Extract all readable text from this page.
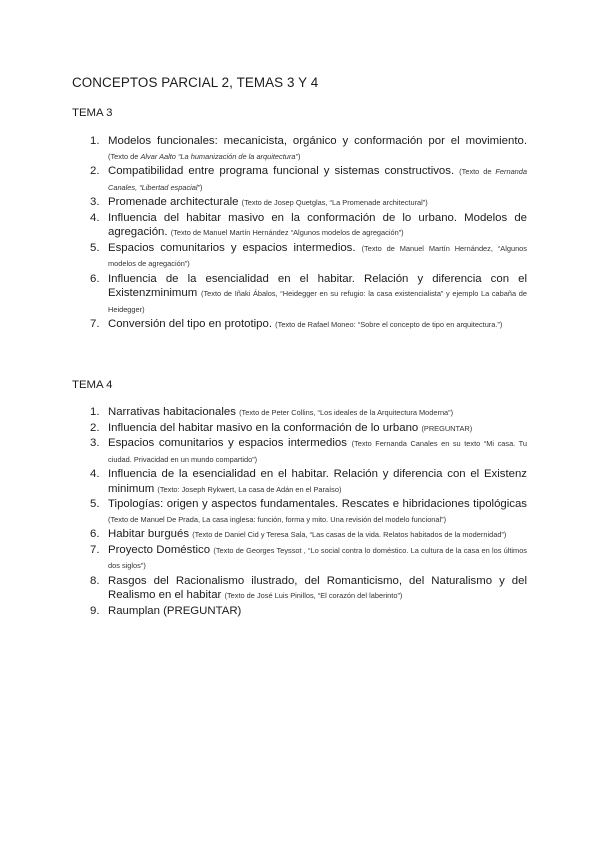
CONCEPTOS PARCIAL 2, TEMAS 3 Y 4
TEMA 3
1. Modelos funcionales: mecanicista, orgánico y conformación por el movimiento. (Texto de Alvar Aalto “La humanización de la arquitectura”)
2. Compatibilidad entre programa funcional y sistemas constructivos. (Texto de Fernanda Canales, “Libertad espacial”)
3. Promenade architecturale (Texto de Josep Quetglas, “La Promenade architectural”)
4. Influencia del habitar masivo en la conformación de lo urbano. Modelos de agregación. (Texto de Manuel Martín Hernández “Algunos modelos de agregación”)
5. Espacios comunitarios y espacios intermedios. (Texto de Manuel Martín Hernández, “Algunos modelos de agregación”)
6. Influencia de la esencialidad en el habitar. Relación y diferencia con el Existenzminimum (Texto de Iñaki Ábalos, “Heidegger en su refugio: la casa existencialista” y ejemplo La cabaña de Heidegger)
7. Conversión del tipo en prototipo. (Texto de Rafael Moneo: “Sobre el concepto de tipo en arquitectura.”)
TEMA 4
1. Narrativas habitacionales (Texto de Peter Collins, “Los ideales de la Arquitectura Moderna”)
2. Influencia del habitar masivo en la conformación de lo urbano (PREGUNTAR)
3. Espacios comunitarios y espacios intermedios (Texto Fernanda Canales en su texto “Mi casa. Tu ciudad. Privacidad en un mundo compartido”)
4. Influencia de la esencialidad en el habitar. Relación y diferencia con el Existenz minimum (Texto: Joseph Rykwert, La casa de Adán en el Paraíso)
5. Tipologías: origen y aspectos fundamentales. Rescates e hibridaciones tipológicas (Texto de Manuel De Prada, La casa inglesa: función, forma y mito. Una revisión del modelo funcional”)
6. Habitar burgués (Texto de Daniel Cid y Teresa Sala, “Las casas de la vida. Relatos habitados de la modernidad”)
7. Proyecto Doméstico (Texto de Georges Teyssot , “Lo social contra lo doméstico. La cultura de la casa en los últimos dos siglos”)
8. Rasgos del Racionalismo ilustrado, del Romanticismo, del Naturalismo y del Realismo en el habitar (Texto de José Luis Pinillos, “El corazón del laberinto”)
9. Raumplan (PREGUNTAR)
